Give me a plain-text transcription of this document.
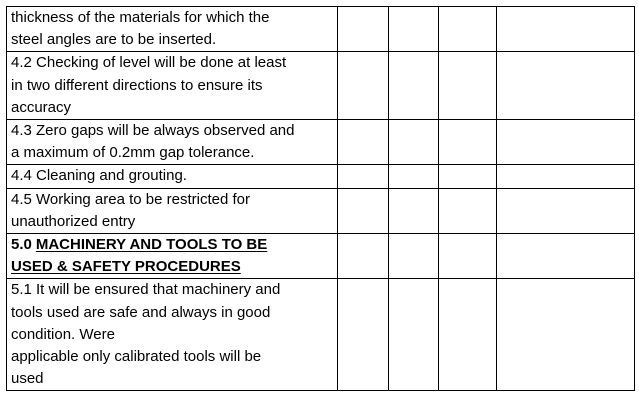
thickness of the materials for which the
steel angles are to be inserted.				
4.2 Checking of level will be done at least
in two different directions to ensure its
accuracy				
4.3 Zero gaps will be always observed and
a maximum of 0.2mm gap tolerance.				
4.4 Cleaning and grouting.				
4.5 Working area to be restricted for
unauthorized entry				
5.0 MACHINERY AND TOOLS TO BE
USED & SAFETY PROCEDURES				
5.1 It will be ensured that machinery and
tools used are safe and always in good
condition. Were
applicable only calibrated tools will be
used				
